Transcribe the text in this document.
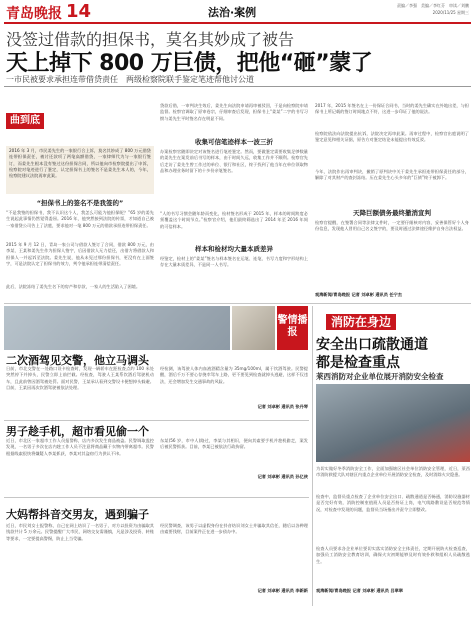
青岛晚报 14	法治·案例
责编／李强　美编／李红芬　审读／刘鹏
2020/11/25 星期三
没签过借款的担保书，莫名其妙成了被告
天上掉下 800 万巨债，把他“砸”蒙了
一市民被要求承担连带借贷责任　两级检察院联手鉴定笔迹帮他讨公道
曲到底
2016 年 3 月，市民姜先生的一家银行合上诉，莫名其妙成了 800 万元借贷连带担保责任，被讨还款项了两笔高额借贷，一家律师代为与一家银行签订，而姜先生根本没有签过这份担保合同，所以他向市检察院提出了申诉，检察院对笔迹进行了鉴定，认定担保书上的签名不是姜先生本人的，今年，检察院建议法院再审此案。
“担保书上的签名不是我签的”
“不是我签的担保书，我不认识这个人，我怎么可能为他担保呢？”65 岁的姜先生说起此事情仍然觉得委屈。2016 年，他突然接到法院的传票，才知道自己被一家借贷公司告上了法庭，要求他对一笔 800 万元的借款承担连带担保责任。
2015 年 9 月 12 日，青岛一家公司与借款人签订了合同，借款 800 万元，由李某、王某和姜先生作为担保人签字，后因借款人无力偿还，出借方将借款人和担保人一并起诉至法院。姜先生说，他从未见过那份担保书，更没有在上面签字，可是法院认定了担保书的效力，判令他承担连带清偿责任。
此后，法院冻结了姜先生名下的房产和存款，一家人的生活陷入了困境。
贷款后借，一审判决生效后，姜先生向法院申请再审被驳回，于是向检察院申请监督。检察官调取了原审卷宗，仔细审查后发现，担保书上“姜某”二字的书写习惯与姜先生平时签名存在明显不同。
收集可信笔迹样本一波三折
办案检察官随即决定对该签名进行笔迹鉴定。然而，要做鉴定需要收集足够数量的姜先生在案发前后书写的样本，由于时间久远，收集工作并不顺利。检察官先后走访了姜先生曾工作过的单位、银行和社区，终于找到了他当年在单位领取物品和办理业务时留下的十多份亲笔签名。
“人的书写习惯会随年龄而变化，检材签名形成于 2015 年，样本的时间跨度必须覆盖这个时间节点。”检察官介绍，他们最终筛选出了 2014 年至 2016 年间的可信样本。
样本和检材均大量本质差异
经鉴定，检材上的“姜某”签名与样本签名在运笔、连笔、书写力度和字形结构上存在大量本质差异，不是同一人书写。
2017 年，2015 年签名在上一份保证合同书，当时的姜先生确实在外地出差，与担保书上所记载的签订时间地点不符，这进一步印证了他的说法。
检察院依法向法院提出抗诉，法院决定再审此案。再审过程中，检察官出庭说明了鉴定意见和相关证据，原告方对鉴定结论未能提出有效反驳。
今年，法院作出再审判决，撤销了原判决中关于姜先生承担连带担保责任的部分，解除了对其财产的查封冻结。压在姜先生心头多年的“巨债”终于被卸下。
天降巨额债务最终撤消宣判
检察官提醒，在签署合同等法律文件时，一定要仔细核对内容，妥善保管好个人身份信息，发现他人冒用自己名义签字的，要及时通过法律途径维护自身合法权益。
观海新闻/青岛晚报 记者 刘卓彬 通讯员 任宁杰
警情播报
二次酒驾见交警，他立马调头
日前，市北交警在一处路口设卡检查时，发现一辆轿车在距检查点约 100 米处突然停下并掉头，民警立即上前拦截。经检查，驾驶人王某系饮酒后驾驶机动车，且此前曾因酒驾被处罚。面对民警，王某承认看到交警设卡便想掉头躲避。目前，王某因再次饮酒驾驶被依法处理。
经检测，该驾驶人体内血液酒精含量为 35mg/100ml，属于饮酒驾驶。民警提醒，酒后千万不要心存侥幸驾车上路，更不要见到检查就掉头逃避，这样不仅违法，还会增加发生交通事故的风险。
记者 刘卓彬 通讯员 张丹琴
男子趁手机，超市看见偷一个
近日，市北区一家超市工作人员报警称，店内多次发生商品被盗。民警调取监控发现，一名男子多次在店内趁工作人员不注意将商品藏于衣物内带离超市。民警根据线索很快将嫌疑人李某抓获，李某对其盗窃行为供认不讳。
东某(56 岁，市中人)路过，李某与其相识，便向其索要手机并趁机偷走，案发后被民警抓获。目前，李某已被依法行政拘留。
记者 刘卓彬 通讯员 孙亿侠
大妈帮抖音交男友，遇到骗子
近日，市民刘女士报警称，自己在网上结识了一名男子，对方以投资为由骗取其钱款共计 5 万余元。民警提醒广大市民，网络交友需谨慎，凡是涉及投资、转账等要求，一定要提高警惕，防止上当受骗。
经民警调查，该男子以虚假身份在抖音结识刘女士并骗取其信任，随后以各种理由索要钱财，目前案件正在进一步侦办中。
记者 刘卓彬 通讯员 李新新
消防在身边
安全出口疏散通道
都是检查重点
莱西消防对企业单位展开消防安全检查
为切实做好冬季消防安全工作，全面加强辖区社会单位消防安全管理，近日，莱西市消防救援大队对辖区内重点企业单位开展消防安全检查，及时消除火灾隐患。
检查中，监督员重点检查了企业单位安全出口、疏散通道是否畅通，消防设施器材是否完好有效，消防控制室值班人员是否持证上岗，电气线路敷设是否规范等情况，对检查中发现的问题，监督员当场指出并责令立即整改。
检查人员要求各企业单位要切实落实消防安全主体责任，定期开展防火检查巡查，加强员工消防安全教育培训，确保火灾初期能够及时有效扑救和组织人员疏散逃生。
观海新闻/青岛晚报 记者 刘卓彬 通讯员 吕翠翠
